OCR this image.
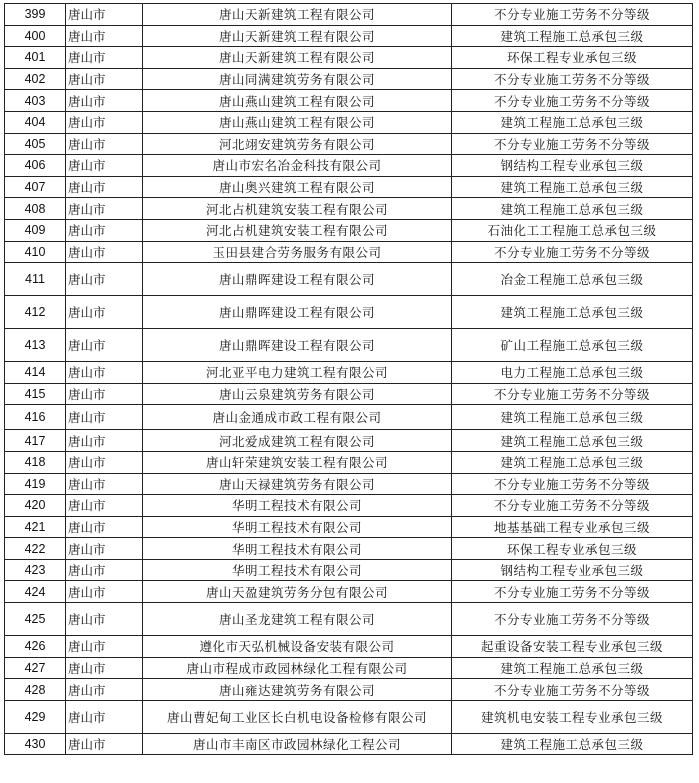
399	唐山市	唐山天新建筑工程有限公司	不分专业施工劳务不分等级
400	唐山市	唐山天新建筑工程有限公司	建筑工程施工总承包三级
401	唐山市	唐山天新建筑工程有限公司	环保工程专业承包三级
402	唐山市	唐山同满建筑劳务有限公司	不分专业施工劳务不分等级
403	唐山市	唐山燕山建筑工程有限公司	不分专业施工劳务不分等级
404	唐山市	唐山燕山建筑工程有限公司	建筑工程施工总承包三级
405	唐山市	河北翊安建筑劳务有限公司	不分专业施工劳务不分等级
406	唐山市	唐山市宏名冶金科技有限公司	钢结构工程专业承包三级
407	唐山市	唐山奥兴建筑工程有限公司	建筑工程施工总承包三级
408	唐山市	河北占机建筑安装工程有限公司	建筑工程施工总承包三级
409	唐山市	河北占机建筑安装工程有限公司	石油化工工程施工总承包三级
410	唐山市	玉田县建合劳务服务有限公司	不分专业施工劳务不分等级
411	唐山市	唐山鼎晖建设工程有限公司	冶金工程施工总承包三级
412	唐山市	唐山鼎晖建设工程有限公司	建筑工程施工总承包三级
413	唐山市	唐山鼎晖建设工程有限公司	矿山工程施工总承包三级
414	唐山市	河北亚平电力建筑工程有限公司	电力工程施工总承包三级
415	唐山市	唐山云泉建筑劳务有限公司	不分专业施工劳务不分等级
416	唐山市	唐山金通成市政工程有限公司	建筑工程施工总承包三级
417	唐山市	河北爱成建筑工程有限公司	建筑工程施工总承包三级
418	唐山市	唐山轩荣建筑安装工程有限公司	建筑工程施工总承包三级
419	唐山市	唐山天禄建筑劳务有限公司	不分专业施工劳务不分等级
420	唐山市	华明工程技术有限公司	不分专业施工劳务不分等级
421	唐山市	华明工程技术有限公司	地基基础工程专业承包三级
422	唐山市	华明工程技术有限公司	环保工程专业承包三级
423	唐山市	华明工程技术有限公司	钢结构工程专业承包三级
424	唐山市	唐山天盈建筑劳务分包有限公司	不分专业施工劳务不分等级
425	唐山市	唐山圣龙建筑工程有限公司	不分专业施工劳务不分等级
426	唐山市	遵化市天弘机械设备安装有限公司	起重设备安装工程专业承包三级
427	唐山市	唐山市程成市政园林绿化工程有限公司	建筑工程施工总承包三级
428	唐山市	唐山雍达建筑劳务有限公司	不分专业施工劳务不分等级
429	唐山市	唐山曹妃甸工业区长白机电设备检修有限公司	建筑机电安装工程专业承包三级
430	唐山市	唐山市丰南区市政园林绿化工程公司	建筑工程施工总承包三级
